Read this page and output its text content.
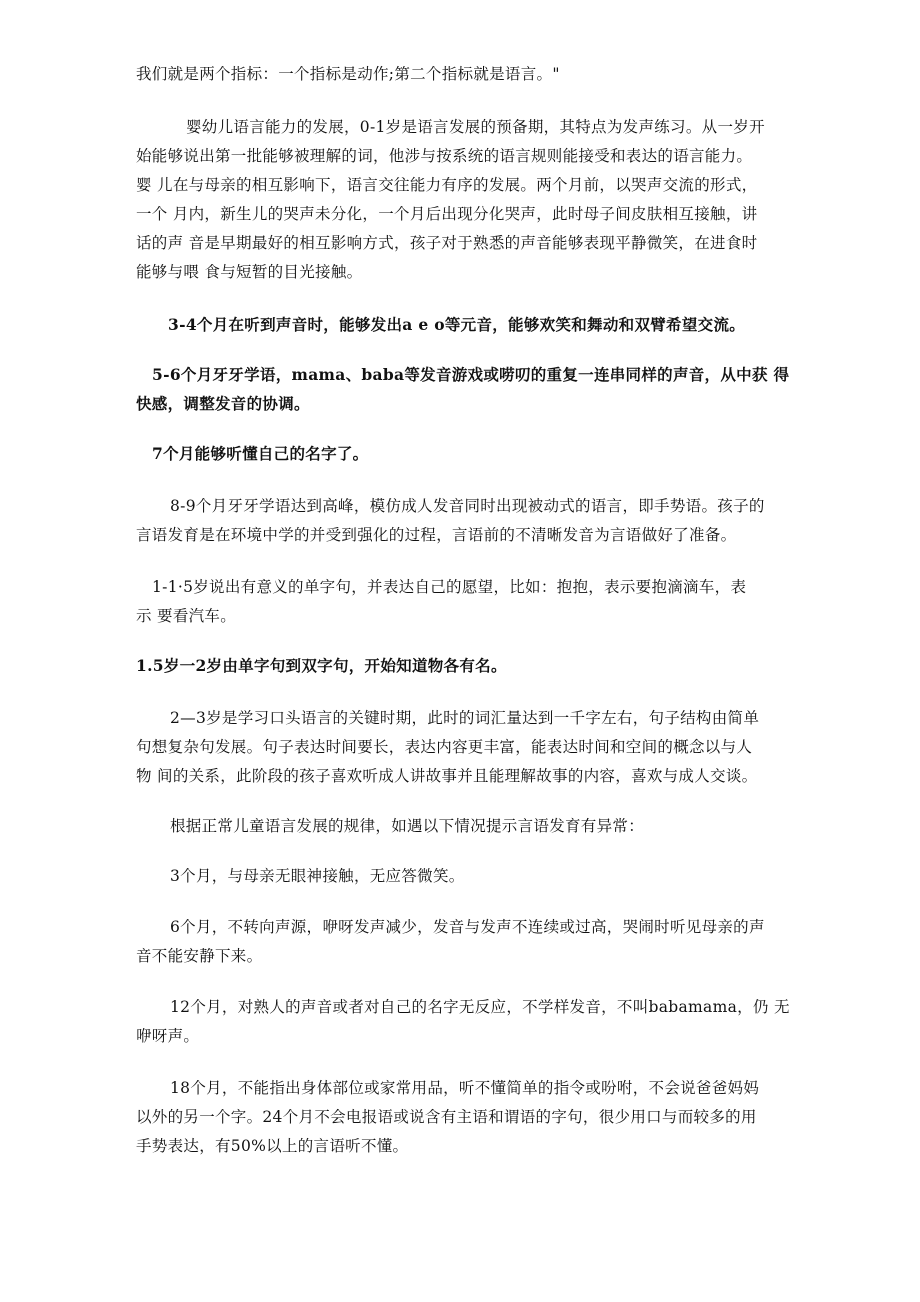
我们就是两个指标：一个指标是动作;第二个指标就是语言。"
婴幼儿语言能力的发展，0-1岁是语言发展的预备期，其特点为发声练习。从一岁开
始能够说出第一批能够被理解的词，他涉与按系统的语言规则能接受和表达的语言能力。
婴 儿在与母亲的相互影响下，语言交往能力有序的发展。两个月前，以哭声交流的形式，
一个 月内，新生儿的哭声未分化，一个月后出现分化哭声，此时母子间皮肤相互接触，讲
话的声 音是早期最好的相互影响方式，孩子对于熟悉的声音能够表现平静微笑，在进食时
能够与喂 食与短暂的目光接触。
3-4个月在听到声音时，能够发出a e o等元音，能够欢笑和舞动和双臂希望交流。
5-6个月牙牙学语，mama、baba等发音游戏或唠叨的重复一连串同样的声音，从中获 得
快感，调整发音的协调。
7个月能够听懂自己的名字了。
8-9个月牙牙学语达到高峰，模仿成人发音同时出现被动式的语言，即手势语。孩子的
言语发育是在环境中学的并受到强化的过程，言语前的不清晰发音为言语做好了准备。
1-1·5岁说出有意义的单字句，并表达自己的愿望，比如：抱抱，表示要抱滴滴车，表
示 要看汽车。
1.5岁一2岁由单字句到双字句，开始知道物各有名。
2—3岁是学习口头语言的关键时期，此时的词汇量达到一千字左右，句子结构由简单
句想复杂句发展。句子表达时间要长，表达内容更丰富，能表达时间和空间的概念以与人
物 间的关系，此阶段的孩子喜欢听成人讲故事并且能理解故事的内容，喜欢与成人交谈。
根据正常儿童语言发展的规律，如遇以下情况提示言语发育有异常：
3个月，与母亲无眼神接触，无应答微笑。
6个月，不转向声源，咿呀发声减少，发音与发声不连续或过高，哭闹时听见母亲的声
音不能安静下来。
12个月，对熟人的声音或者对自己的名字无反应，不学样发音，不叫babamama，仍 无
咿呀声。
18个月，不能指出身体部位或家常用品，听不懂简单的指令或吩咐，不会说爸爸妈妈
以外的另一个字。24个月不会电报语或说含有主语和谓语的字句，很少用口与而较多的用
手势表达，有50%以上的言语听不懂。
